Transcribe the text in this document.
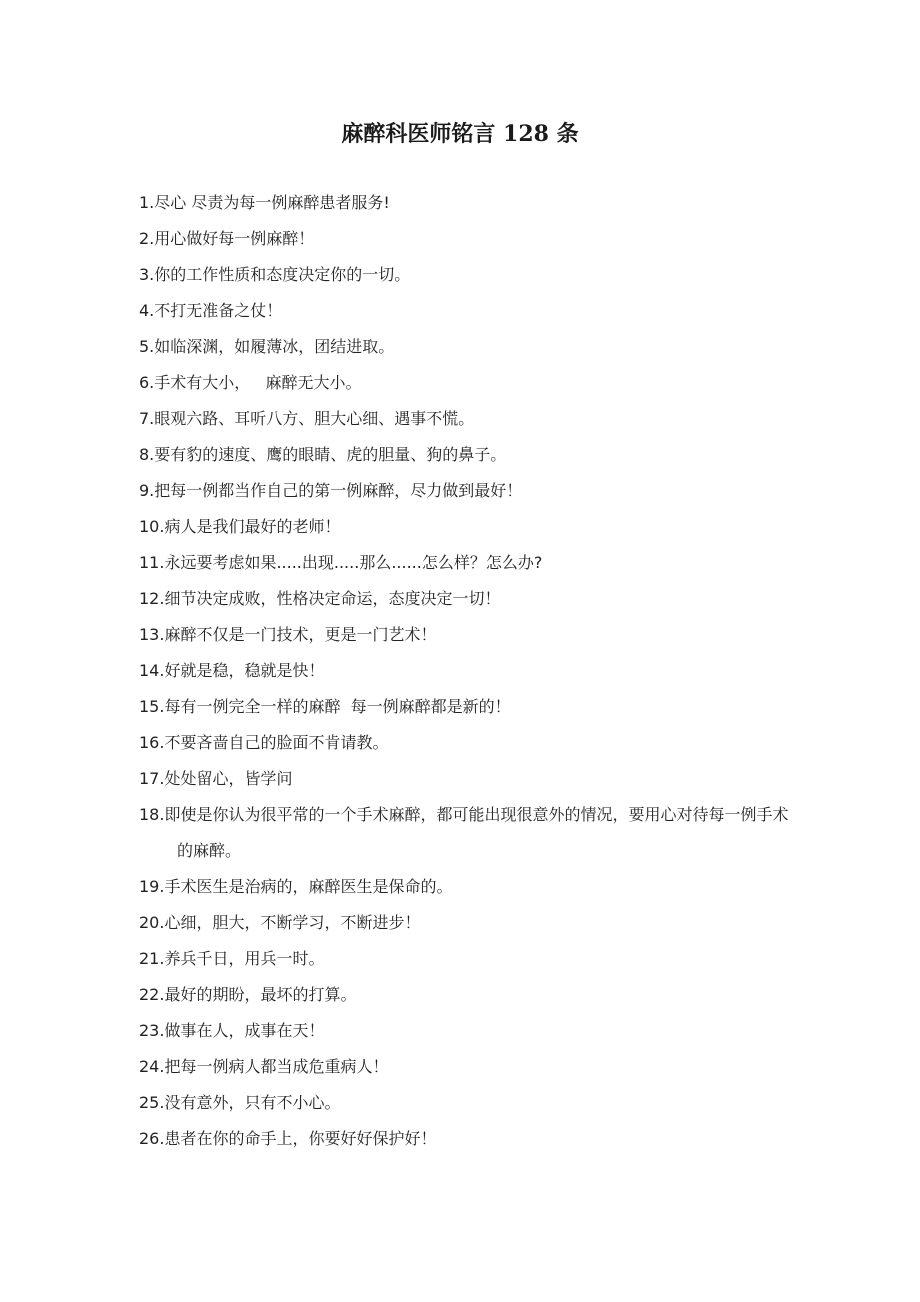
麻醉科医师铭言 128 条
1. 尽心 尽责为每一例麻醉患者服务!
2. 用心做好每一例麻醉！
3. 你的工作性质和态度决定你的一切。
4. 不打无准备之仗！
5. 如临深渊，如履薄冰，团结进取。
6. 手术有大小，   麻醉无大小。
7. 眼观六路、耳听八方、胆大心细、遇事不慌。
8. 要有豹的速度、鹰的眼睛、虎的胆量、狗的鼻子。
9. 把每一例都当作自己的第一例麻醉，尽力做到最好！
10. 病人是我们最好的老师！
11. 永远要考虑如果.....出现.....那么......怎么样？怎么办?
12. 细节决定成败，性格决定命运，态度决定一切！
13. 麻醉不仅是一门技术，更是一门艺术！
14. 好就是稳，稳就是快！
15. 每有一例完全一样的麻醉  每一例麻醉都是新的！
16. 不要吝啬自己的脸面不肯请教。
17. 处处留心，皆学问
18.即使是你认为很平常的一个手术麻醉，都可能出现很意外的情况，要用心对待每一例手术的麻醉。
19. 手术医生是治病的，麻醉医生是保命的。
20. 心细，胆大，不断学习，不断进步！
21. 养兵千日，用兵一时。
22. 最好的期盼，最坏的打算。
23. 做事在人，成事在天！
24. 把每一例病人都当成危重病人！
25. 没有意外，只有不小心。
26. 患者在你的命手上，你要好好保护好！
